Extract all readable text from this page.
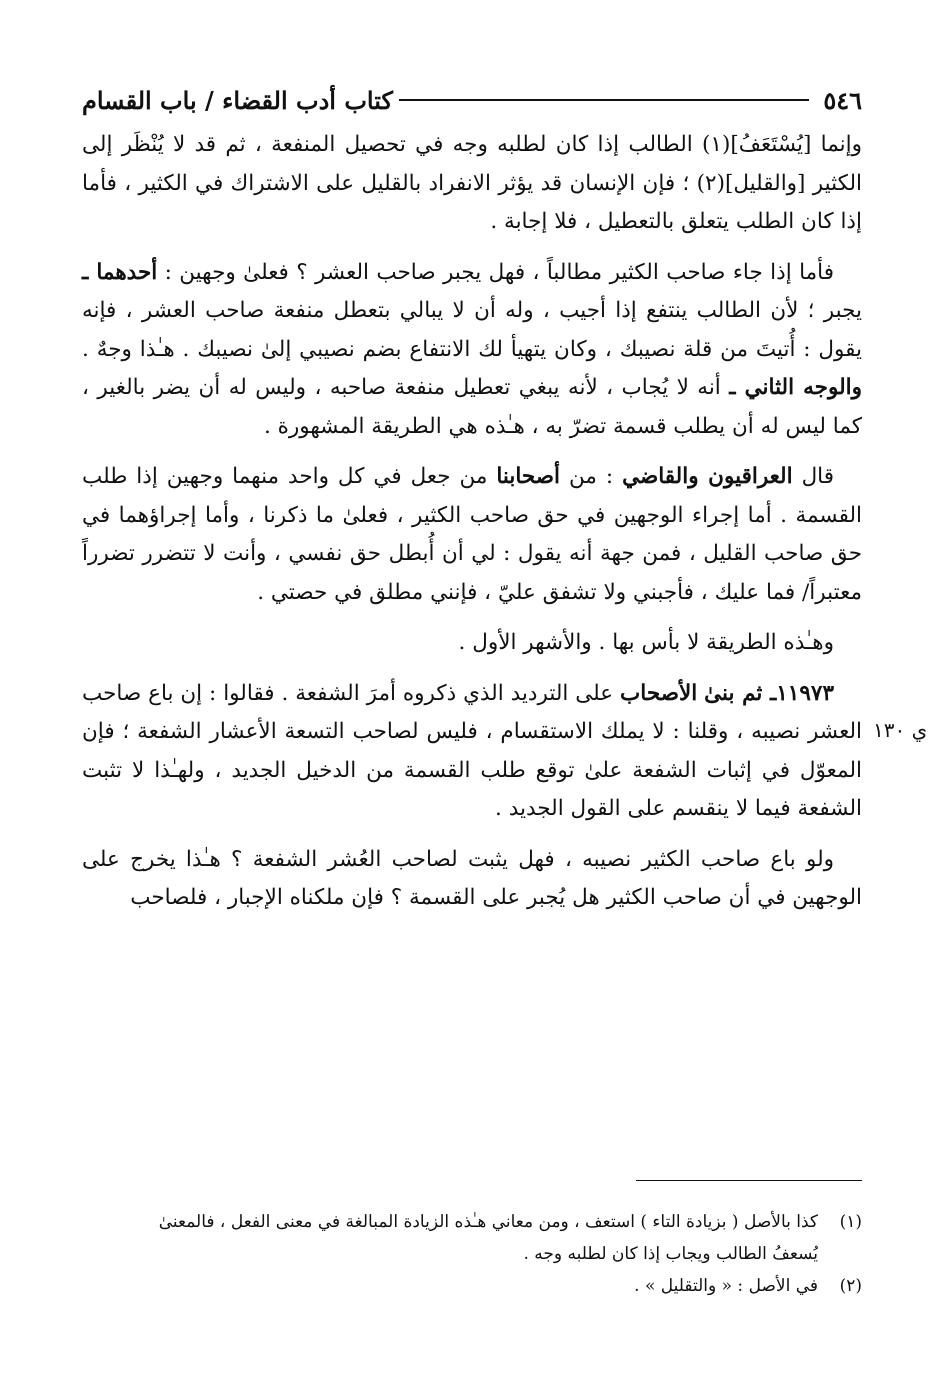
٥٤٦
كتاب أدب القضاء / باب القسام

وإنما [يُسْتَعَفُ](١) الطالب إذا كان لطلبه وجه في تحصيل المنفعة ، ثم قد لا يُنْظَر إلى الكثير [والقليل](٢) ؛ فإن الإنسان قد يؤثر الانفراد بالقليل على الاشتراك في الكثير ، فأما إذا كان الطلب يتعلق بالتعطيل ، فلا إجابة .

فأما إذا جاء صاحب الكثير مطالباً ، فهل يجبر صاحب العشر ؟ فعلىٰ وجهين : أحدهما ـ يجبر ؛ لأن الطالب ينتفع إذا أجيب ، وله أن لا يبالي بتعطل منفعة صاحب العشر ، فإنه يقول : أُتيتَ من قلة نصيبك ، وكان يتهيأ لك الانتفاع بضم نصيبي إلىٰ نصيبك . هـٰذا وجهٌ . والوجه الثاني ـ أنه لا يُجاب ، لأنه يبغي تعطيل منفعة صاحبه ، وليس له أن يضر بالغير ، كما ليس له أن يطلب قسمة تضرّ به ، هـٰذه هي الطريقة المشهورة .

قال العراقيون والقاضي : من أصحابنا من جعل في كل واحد منهما وجهين إذا طلب القسمة . أما إجراء الوجهين في حق صاحب الكثير ، فعلىٰ ما ذكرنا ، وأما إجراؤهما في حق صاحب القليل ، فمن جهة أنه يقول : لي أن أُبطل حق نفسي ، وأنت لا تتضرر تضرراً معتبراً/ فما عليك ، فأجبني ولا تشفق عليّ ، فإنني مطلق في حصتي .

وهـٰذه الطريقة لا بأس بها . والأشهر الأول .

١١٩٧٣ـ ثم بنىٰ الأصحاب على الترديد الذي ذكروه أمرَ الشفعة . فقالوا : إن باع صاحب العشر نصيبه ، وقلنا : لا يملك الاستقسام ، فليس لصاحب التسعة الأعشار الشفعة ؛ فإن المعوّل في إثبات الشفعة علىٰ توقع طلب القسمة من الدخيل الجديد ، ولهـٰذا لا تثبت الشفعة فيما لا ينقسم على القول الجديد .

ولو باع صاحب الكثير نصيبه ، فهل يثبت لصاحب العُشر الشفعة ؟ هـٰذا يخرج على الوجهين في أن صاحب الكثير هل يُجبر على القسمة ؟ فإن ملكناه الإجبار ، فلصاحب

ي ١٣٠
(١)
كذا بالأصل ( بزيادة التاء ) استعف ، ومن معاني هـٰذه الزيادة المبالغة في معنى الفعل ، فالمعنىٰ
يُسعفُ الطالب ويجاب إذا كان لطلبه وجه .
(٢)
في الأصل : « والتقليل » .
